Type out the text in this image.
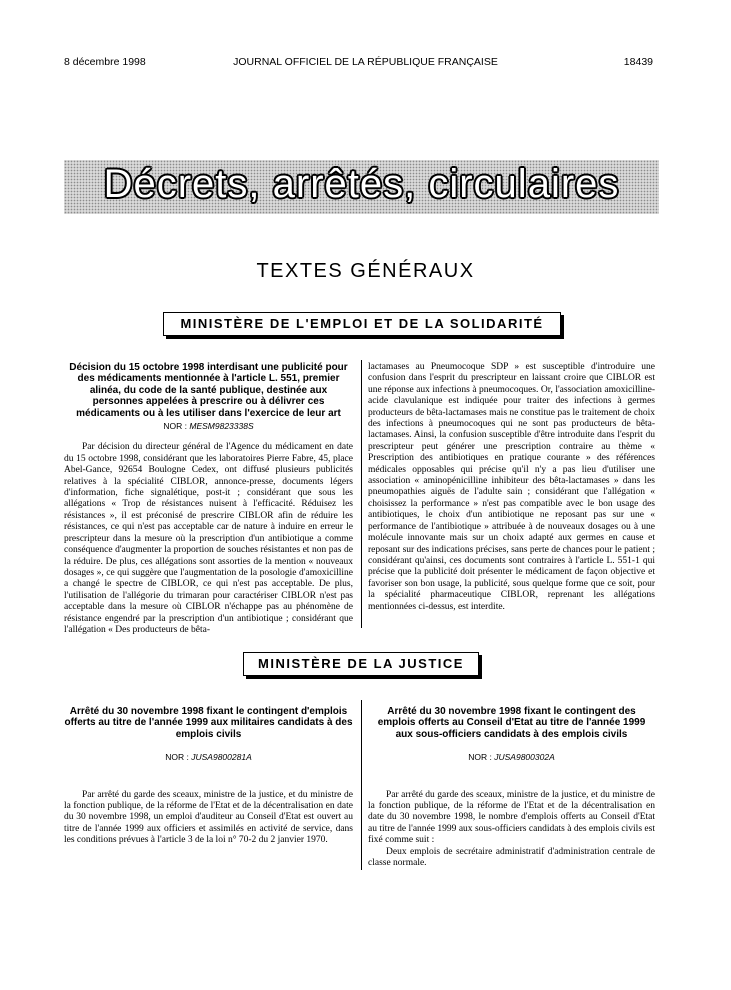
8 décembre 1998	JOURNAL OFFICIEL DE LA RÉPUBLIQUE FRANÇAISE	18439
Décrets, arrêtés, circulaires
TEXTES GÉNÉRAUX
MINISTÈRE DE L'EMPLOI ET DE LA SOLIDARITÉ
Décision du 15 octobre 1998 interdisant une publicité pour des médicaments mentionnée à l'article L. 551, premier alinéa, du code de la santé publique, destinée aux personnes appelées à prescrire ou à délivrer ces médicaments ou à les utiliser dans l'exercice de leur art
NOR : MESM9823338S

Par décision du directeur général de l'Agence du médicament en date du 15 octobre 1998, considérant que les laboratoires Pierre Fabre, 45, place Abel-Gance, 92654 Boulogne Cedex, ont diffusé plusieurs publicités relatives à la spécialité CIBLOR, annonce-presse, documents légers d'information, fiche signalétique, post-it ; considérant que sous les allégations « Trop de résistances nuisent à l'efficacité. Réduisez les résistances », il est préconisé de prescrire CIBLOR afin de réduire les résistances, ce qui n'est pas acceptable car de nature à induire en erreur le prescripteur dans la mesure où la prescription d'un antibiotique a comme conséquence d'augmenter la proportion de souches résistantes et non pas de la réduire. De plus, ces allégations sont assorties de la mention « nouveaux dosages », ce qui suggère que l'augmentation de la posologie d'amoxicilline a changé le spectre de CIBLOR, ce qui n'est pas acceptable. De plus, l'utilisation de l'allégorie du trimaran pour caractériser CIBLOR n'est pas acceptable dans la mesure où CIBLOR n'échappe pas au phénomène de résistance engendré par la prescription d'un antibiotique ; considérant que l'allégation « Des producteurs de bêta-

lactamases au Pneumocoque SDP » est susceptible d'introduire une confusion dans l'esprit du prescripteur en laissant croire que CIBLOR est une réponse aux infections à pneumocoques. Or, l'association amoxicilline-acide clavulanique est indiquée pour traiter des infections à germes producteurs de bêta-lactamases mais ne constitue pas le traitement de choix des infections à pneumocoques qui ne sont pas producteurs de bêta-lactamases. Ainsi, la confusion susceptible d'être introduite dans l'esprit du prescripteur peut générer une prescription contraire au thème « Prescription des antibiotiques en pratique courante » des références médicales opposables qui précise qu'il n'y a pas lieu d'utiliser une association « aminopénicilline inhibiteur des bêta-lactamases » dans les pneumopathies aiguës de l'adulte sain ; considérant que l'allégation « choisissez la performance » n'est pas compatible avec le bon usage des antibiotiques, le choix d'un antibiotique ne reposant pas sur une « performance de l'antibiotique » attribuée à de nouveaux dosages ou à une molécule innovante mais sur un choix adapté aux germes en cause et reposant sur des indications précises, sans perte de chances pour le patient ; considérant qu'ainsi, ces documents sont contraires à l'article L. 551-1 qui précise que la publicité doit présenter le médicament de façon objective et favoriser son bon usage, la publicité, sous quelque forme que ce soit, pour la spécialité pharmaceutique CIBLOR, reprenant les allégations mentionnées ci-dessus, est interdite.

MINISTÈRE DE LA JUSTICE
Arrêté du 30 novembre 1998 fixant le contingent d'emplois offerts au titre de l'année 1999 aux militaires candidats à des emplois civils
NOR : JUSA9800281A

Par arrêté du garde des sceaux, ministre de la justice, et du ministre de la fonction publique, de la réforme de l'Etat et de la décentralisation en date du 30 novembre 1998, un emploi d'auditeur au Conseil d'Etat est ouvert au titre de l'année 1999 aux officiers et assimilés en activité de service, dans les conditions prévues à l'article 3 de la loi n° 70-2 du 2 janvier 1970.

Arrêté du 30 novembre 1998 fixant le contingent des emplois offerts au Conseil d'Etat au titre de l'année 1999 aux sous-officiers candidats à des emplois civils
NOR : JUSA9800302A

Par arrêté du garde des sceaux, ministre de la justice, et du ministre de la fonction publique, de la réforme de l'Etat et de la décentralisation en date du 30 novembre 1998, le nombre d'emplois offerts au Conseil d'Etat au titre de l'année 1999 aux sous-officiers candidats à des emplois civils est fixé comme suit :

Deux emplois de secrétaire administratif d'administration centrale de classe normale.
